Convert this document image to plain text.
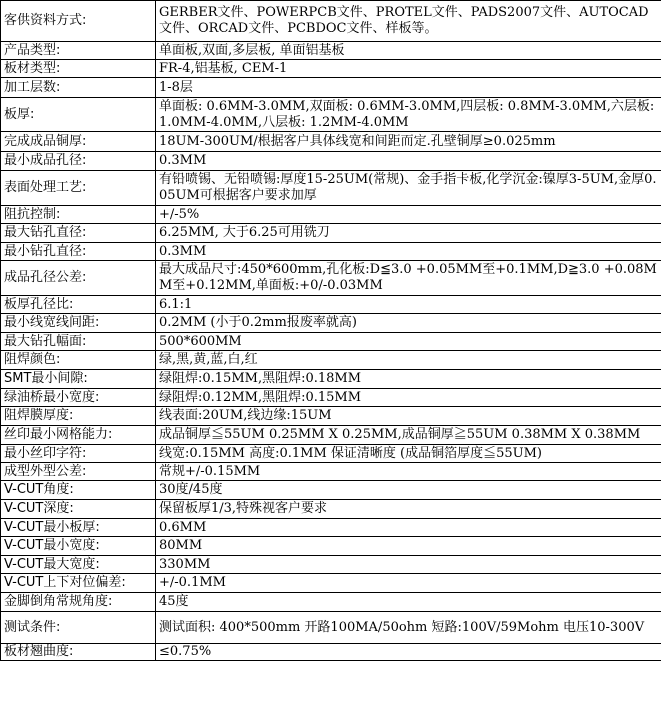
客供资料方式:	GERBER文件、POWERPCB文件、PROTEL文件、PADS2007文件、AUTOCAD文件、ORCAD文件、PCBDOC文件、样板等。
产品类型:	单面板,双面,多层板, 单面铝基板
板材类型:	FR-4,铝基板, CEM-1
加工层数:	1-8层
板厚:	单面板: 0.6MM-3.0MM,双面板: 0.6MM-3.0MM,四层板: 0.8MM-3.0MM,六层板: 1.0MM-4.0MM,八层板: 1.2MM-4.0MM
完成成品铜厚:	18UM-300UM/根据客户具体线宽和间距而定.孔壁铜厚≥0.025mm
最小成品孔径:	0.3MM
表面处理工艺:	有铅喷锡、无铅喷锡:厚度15-25UM(常规)、金手指卡板,化学沉金:镍厚3-5UM,金厚0.05UM可根据客户要求加厚
阻抗控制:	+/-5%
最大钻孔直径:	6.25MM, 大于6.25可用铣刀
最小钻孔直径:	0.3MM
成品孔径公差:	最大成品尺寸:450*600mm,孔化板:D≦3.0 +0.05MM至+0.1MM,D≧3.0 +0.08MM至+0.12MM,单面板:+0/-0.03MM
板厚孔径比:	6.1:1
最小线宽线间距:	0.2MM (小于0.2mm报废率就高)
最大钻孔幅面:	500*600MM
阻焊颜色:	绿,黑,黄,蓝,白,红
SMT最小间隙:	绿阻焊:0.15MM,黑阻焊:0.18MM
绿油桥最小宽度:	绿阻焊:0.12MM,黑阻焊:0.15MM
阻焊膜厚度:	线表面:20UM,线边缘:15UM
丝印最小网格能力:	成品铜厚≦55UM 0.25MM X 0.25MM,成品铜厚≧55UM 0.38MM X 0.38MM
最小丝印字符:	线宽:0.15MM 高度:0.1MM 保证清晰度 (成品铜箔厚度≦55UM)
成型外型公差:	常规+/-0.15MM
V-CUT角度:	30度/45度
V-CUT深度:	保留板厚1/3,特殊视客户要求
V-CUT最小板厚:	0.6MM
V-CUT最小宽度:	80MM
V-CUT最大宽度:	330MM
V-CUT上下对位偏差:	+/-0.1MM
金脚倒角常规角度:	45度
测试条件:	测试面积: 400*500mm 开路100MA/50ohm 短路:100V/59Mohm 电压10-300V
板材翘曲度:	≤0.75%
